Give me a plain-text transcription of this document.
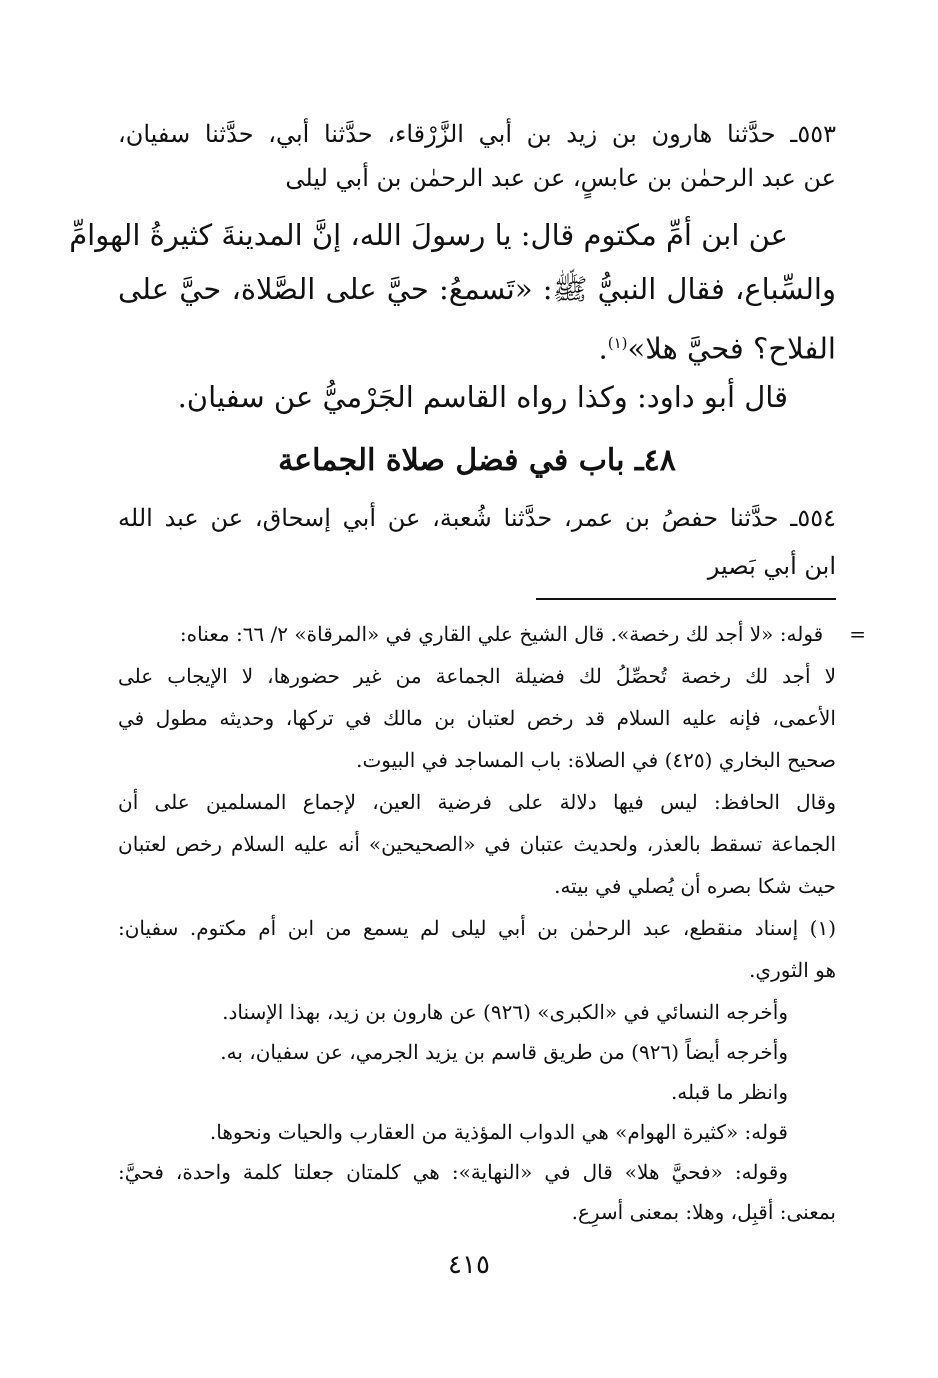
٥٥٣ـ حدَّثنا هارون بن زيد بن أبي الزَّرْقاء، حدَّثنا أبي، حدَّثنا سفيان،
عن عبد الرحمٰن بن عابسٍ، عن عبد الرحمٰن بن أبي ليلى
عن ابن أمِّ مكتوم قال: يا رسولَ الله، إنَّ المدينةَ كثيرةُ الهوامِّ
والسِّباع، فقال النبيُّ ﷺ: «تَسمعُ: حيَّ على الصَّلاة، حيَّ على
الفلاح؟ فحيَّ هلا»$^{(١)}$.
قال أبو داود: وكذا رواه القاسم الجَرْميُّ عن سفيان.
٤٨ـ باب في فضل صلاة الجماعة
٥٥٤ـ حدَّثنا حفصُ بن عمر، حدَّثنا شُعبة، عن أبي إسحاق، عن عبد الله
ابن أبي بَصير
=قوله: «لا أجد لك رخصة». قال الشيخ علي القاري في «المرقاة» ٢/ ٦٦: معناه:
لا أجد لك رخصة تُحصِّلُ لك فضيلة الجماعة من غير حضورها، لا الإيجاب على
الأعمى، فإنه عليه السلام قد رخص لعتبان بن مالك في تركها، وحديثه مطول في
صحيح البخاري (٤٢٥) في الصلاة: باب المساجد في البيوت.
وقال الحافظ: ليس فيها دلالة على فرضية العين، لإجماع المسلمين على أن
الجماعة تسقط بالعذر، ولحديث عتبان في «الصحيحين» أنه عليه السلام رخص لعتبان
حيث شكا بصره أن يُصلي في بيته.
(١) إسناد منقطع، عبد الرحمٰن بن أبي ليلى لم يسمع من ابن أم مكتوم. سفيان:
هو الثوري.
وأخرجه النسائي في «الكبرى» (٩٢٦) عن هارون بن زيد، بهذا الإسناد.
وأخرجه أيضاً (٩٢٦) من طريق قاسم بن يزيد الجرمي، عن سفيان، به.
وانظر ما قبله.
قوله: «كثيرة الهوام» هي الدواب المؤذية من العقارب والحيات ونحوها.
وقوله: «فحيَّ هلا» قال في «النهاية»: هي كلمتان جعلتا كلمة واحدة، فحيَّ:
بمعنى: أقبِل، وهلا: بمعنى أسرِع.
٤١٥
